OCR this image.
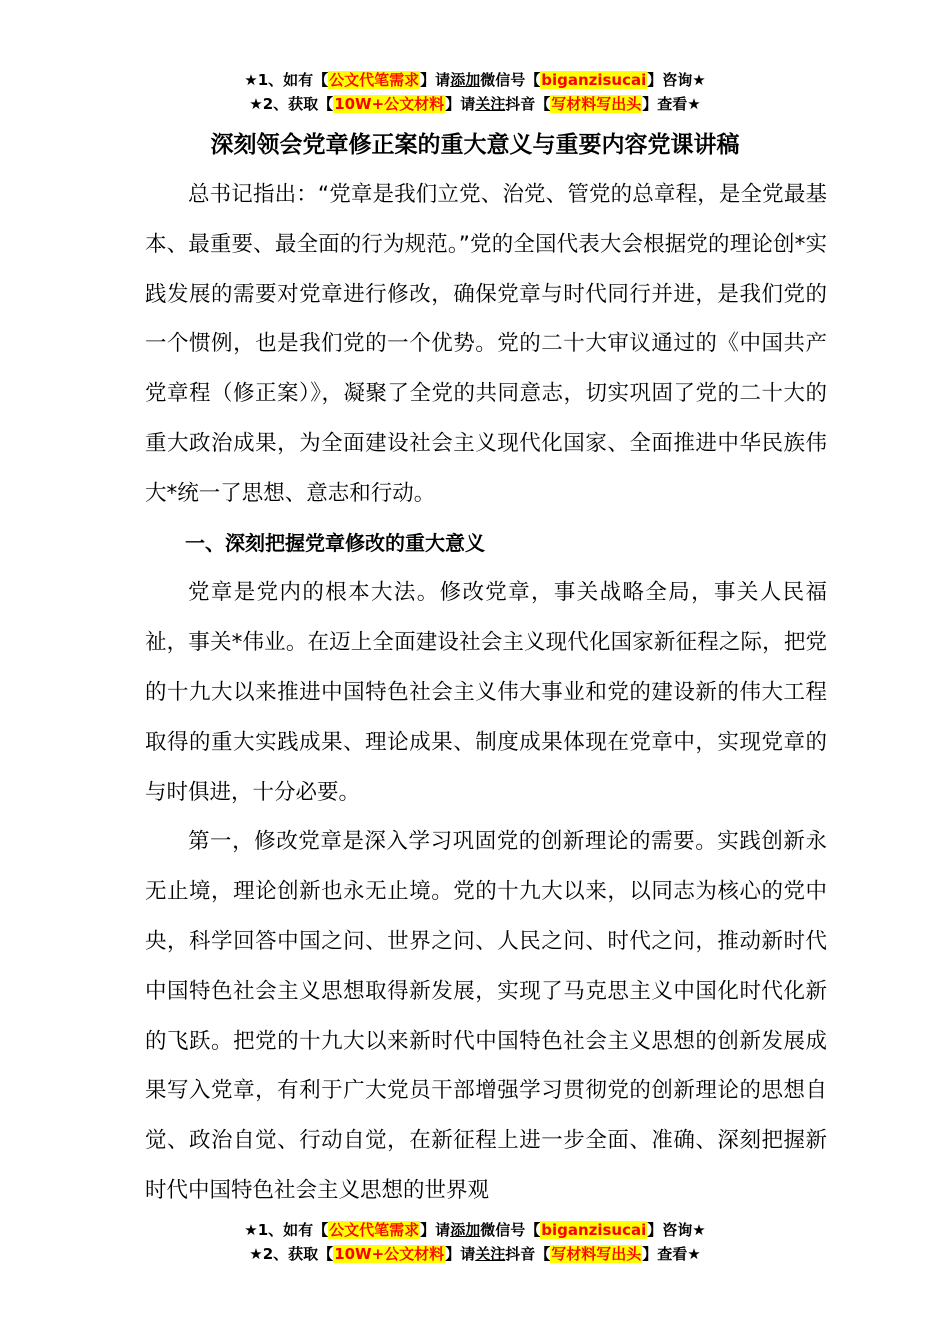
★1、如有【公文代笔需求】请添加微信号【biganzisucai】咨询★
★2、获取【10W+公文材料】请关注抖音【写材料写出头】查看★
深刻领会党章修正案的重大意义与重要内容党课讲稿

总书记指出：“党章是我们立党、治党、管党的总章程，是全党最基本、最重要、最全面的行为规范。”党的全国代表大会根据党的理论创*实践发展的需要对党章进行修改，确保党章与时代同行并进，是我们党的一个惯例，也是我们党的一个优势。党的二十大审议通过的《中国共产党章程（修正案）》，凝聚了全党的共同意志，切实巩固了党的二十大的重大政治成果，为全面建设社会主义现代化国家、全面推进中华民族伟大*统一了思想、意志和行动。

一、深刻把握党章修改的重大意义

党章是党内的根本大法。修改党章，事关战略全局，事关人民福祉，事关*伟业。在迈上全面建设社会主义现代化国家新征程之际，把党的十九大以来推进中国特色社会主义伟大事业和党的建设新的伟大工程取得的重大实践成果、理论成果、制度成果体现在党章中，实现党章的与时俱进，十分必要。

第一，修改党章是深入学习巩固党的创新理论的需要。实践创新永无止境，理论创新也永无止境。党的十九大以来，以同志为核心的党中央，科学回答中国之问、世界之问、人民之问、时代之问，推动新时代中国特色社会主义思想取得新发展，实现了马克思主义中国化时代化新的飞跃。把党的十九大以来新时代中国特色社会主义思想的创新发展成果写入党章，有利于广大党员干部增强学习贯彻党的创新理论的思想自觉、政治自觉、行动自觉，在新征程上进一步全面、准确、深刻把握新时代中国特色社会主义思想的世界观

★1、如有【公文代笔需求】请添加微信号【biganzisucai】咨询★
★2、获取【10W+公文材料】请关注抖音【写材料写出头】查看★
